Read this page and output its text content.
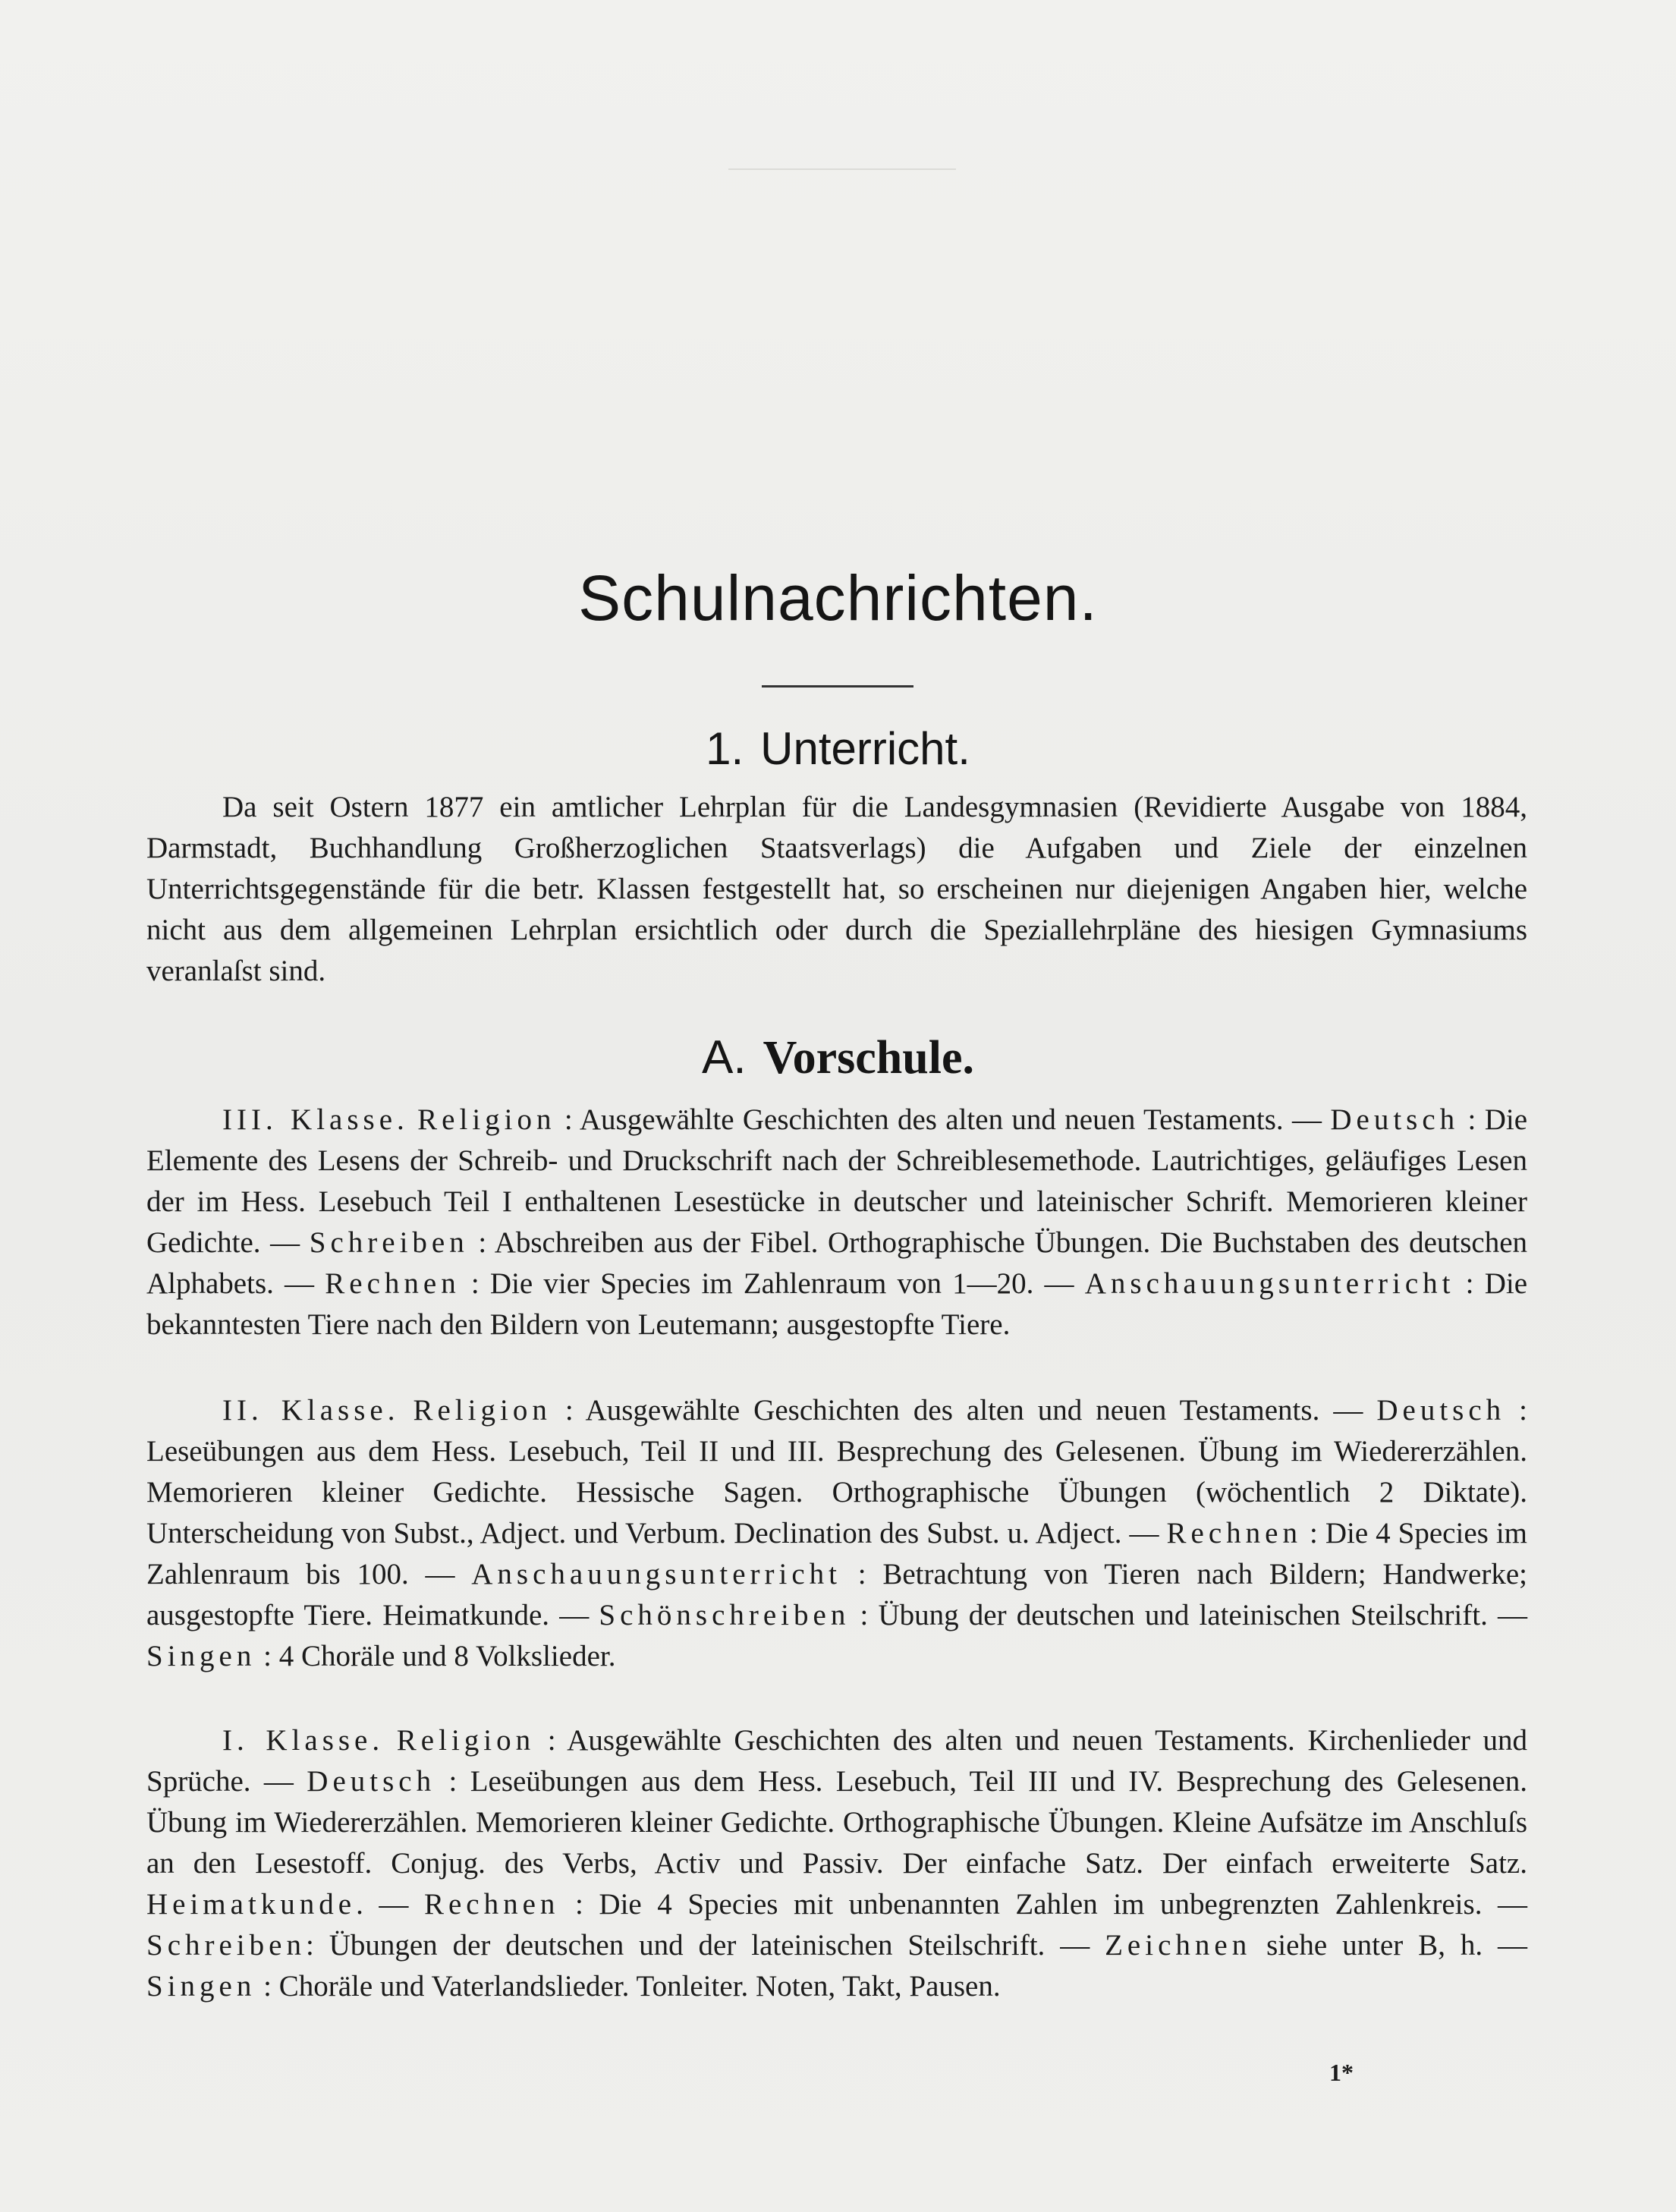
Schulnachrichten.
1. Unterricht.
Da seit Ostern 1877 ein amtlicher Lehrplan für die Landesgymnasien (Revidierte Ausgabe von 1884, Darmstadt, Buchhandlung Großherzoglichen Staatsverlags) die Aufgaben und Ziele der einzelnen Unterrichtsgegenstände für die betr. Klassen festgestellt hat, so erscheinen nur diejenigen Angaben hier, welche nicht aus dem allgemeinen Lehrplan ersichtlich oder durch die Speziallehrpläne des hiesigen Gymnasiums veranlaſst sind.
A. Vorschule.
III. Klasse. Religion : Ausgewählte Geschichten des alten und neuen Testaments. — Deutsch : Die Elemente des Lesens der Schreib- und Druckschrift nach der Schreiblesemethode. Lautrichtiges, geläufiges Lesen der im Hess. Lesebuch Teil I enthaltenen Lesestücke in deutscher und lateinischer Schrift. Memorieren kleiner Gedichte. — Schreiben : Abschreiben aus der Fibel. Orthographische Übungen. Die Buchstaben des deutschen Alphabets. — Rechnen : Die vier Species im Zahlenraum von 1—20. — Anschauungsunterricht : Die bekanntesten Tiere nach den Bildern von Leutemann; ausgestopfte Tiere.
II. Klasse. Religion : Ausgewählte Geschichten des alten und neuen Testaments. — Deutsch : Leseübungen aus dem Hess. Lesebuch, Teil II und III. Besprechung des Gelesenen. Übung im Wiedererzählen. Memorieren kleiner Gedichte. Hessische Sagen. Orthographische Übungen (wöchentlich 2 Diktate). Unterscheidung von Subst., Adject. und Verbum. Declination des Subst. u. Adject. — Rechnen : Die 4 Species im Zahlenraum bis 100. — Anschauungsunterricht : Betrachtung von Tieren nach Bildern; Handwerke; ausgestopfte Tiere. Heimatkunde. — Schönschreiben : Übung der deutschen und lateinischen Steilschrift. — Singen : 4 Choräle und 8 Volkslieder.
I. Klasse. Religion : Ausgewählte Geschichten des alten und neuen Testaments. Kirchenlieder und Sprüche. — Deutsch : Leseübungen aus dem Hess. Lesebuch, Teil III und IV. Besprechung des Gelesenen. Übung im Wiedererzählen. Memorieren kleiner Gedichte. Orthographische Übungen. Kleine Aufsätze im Anschluſs an den Lesestoff. Conjug. des Verbs, Activ und Passiv. Der einfache Satz. Der einfach erweiterte Satz. Heimatkunde. — Rechnen : Die 4 Species mit unbenannten Zahlen im unbegrenzten Zahlenkreis. — Schreiben: Übungen der deutschen und der lateinischen Steilschrift. — Zeichnen siehe unter B, h. — Singen : Choräle und Vaterlandslieder. Tonleiter. Noten, Takt, Pausen.
1*
